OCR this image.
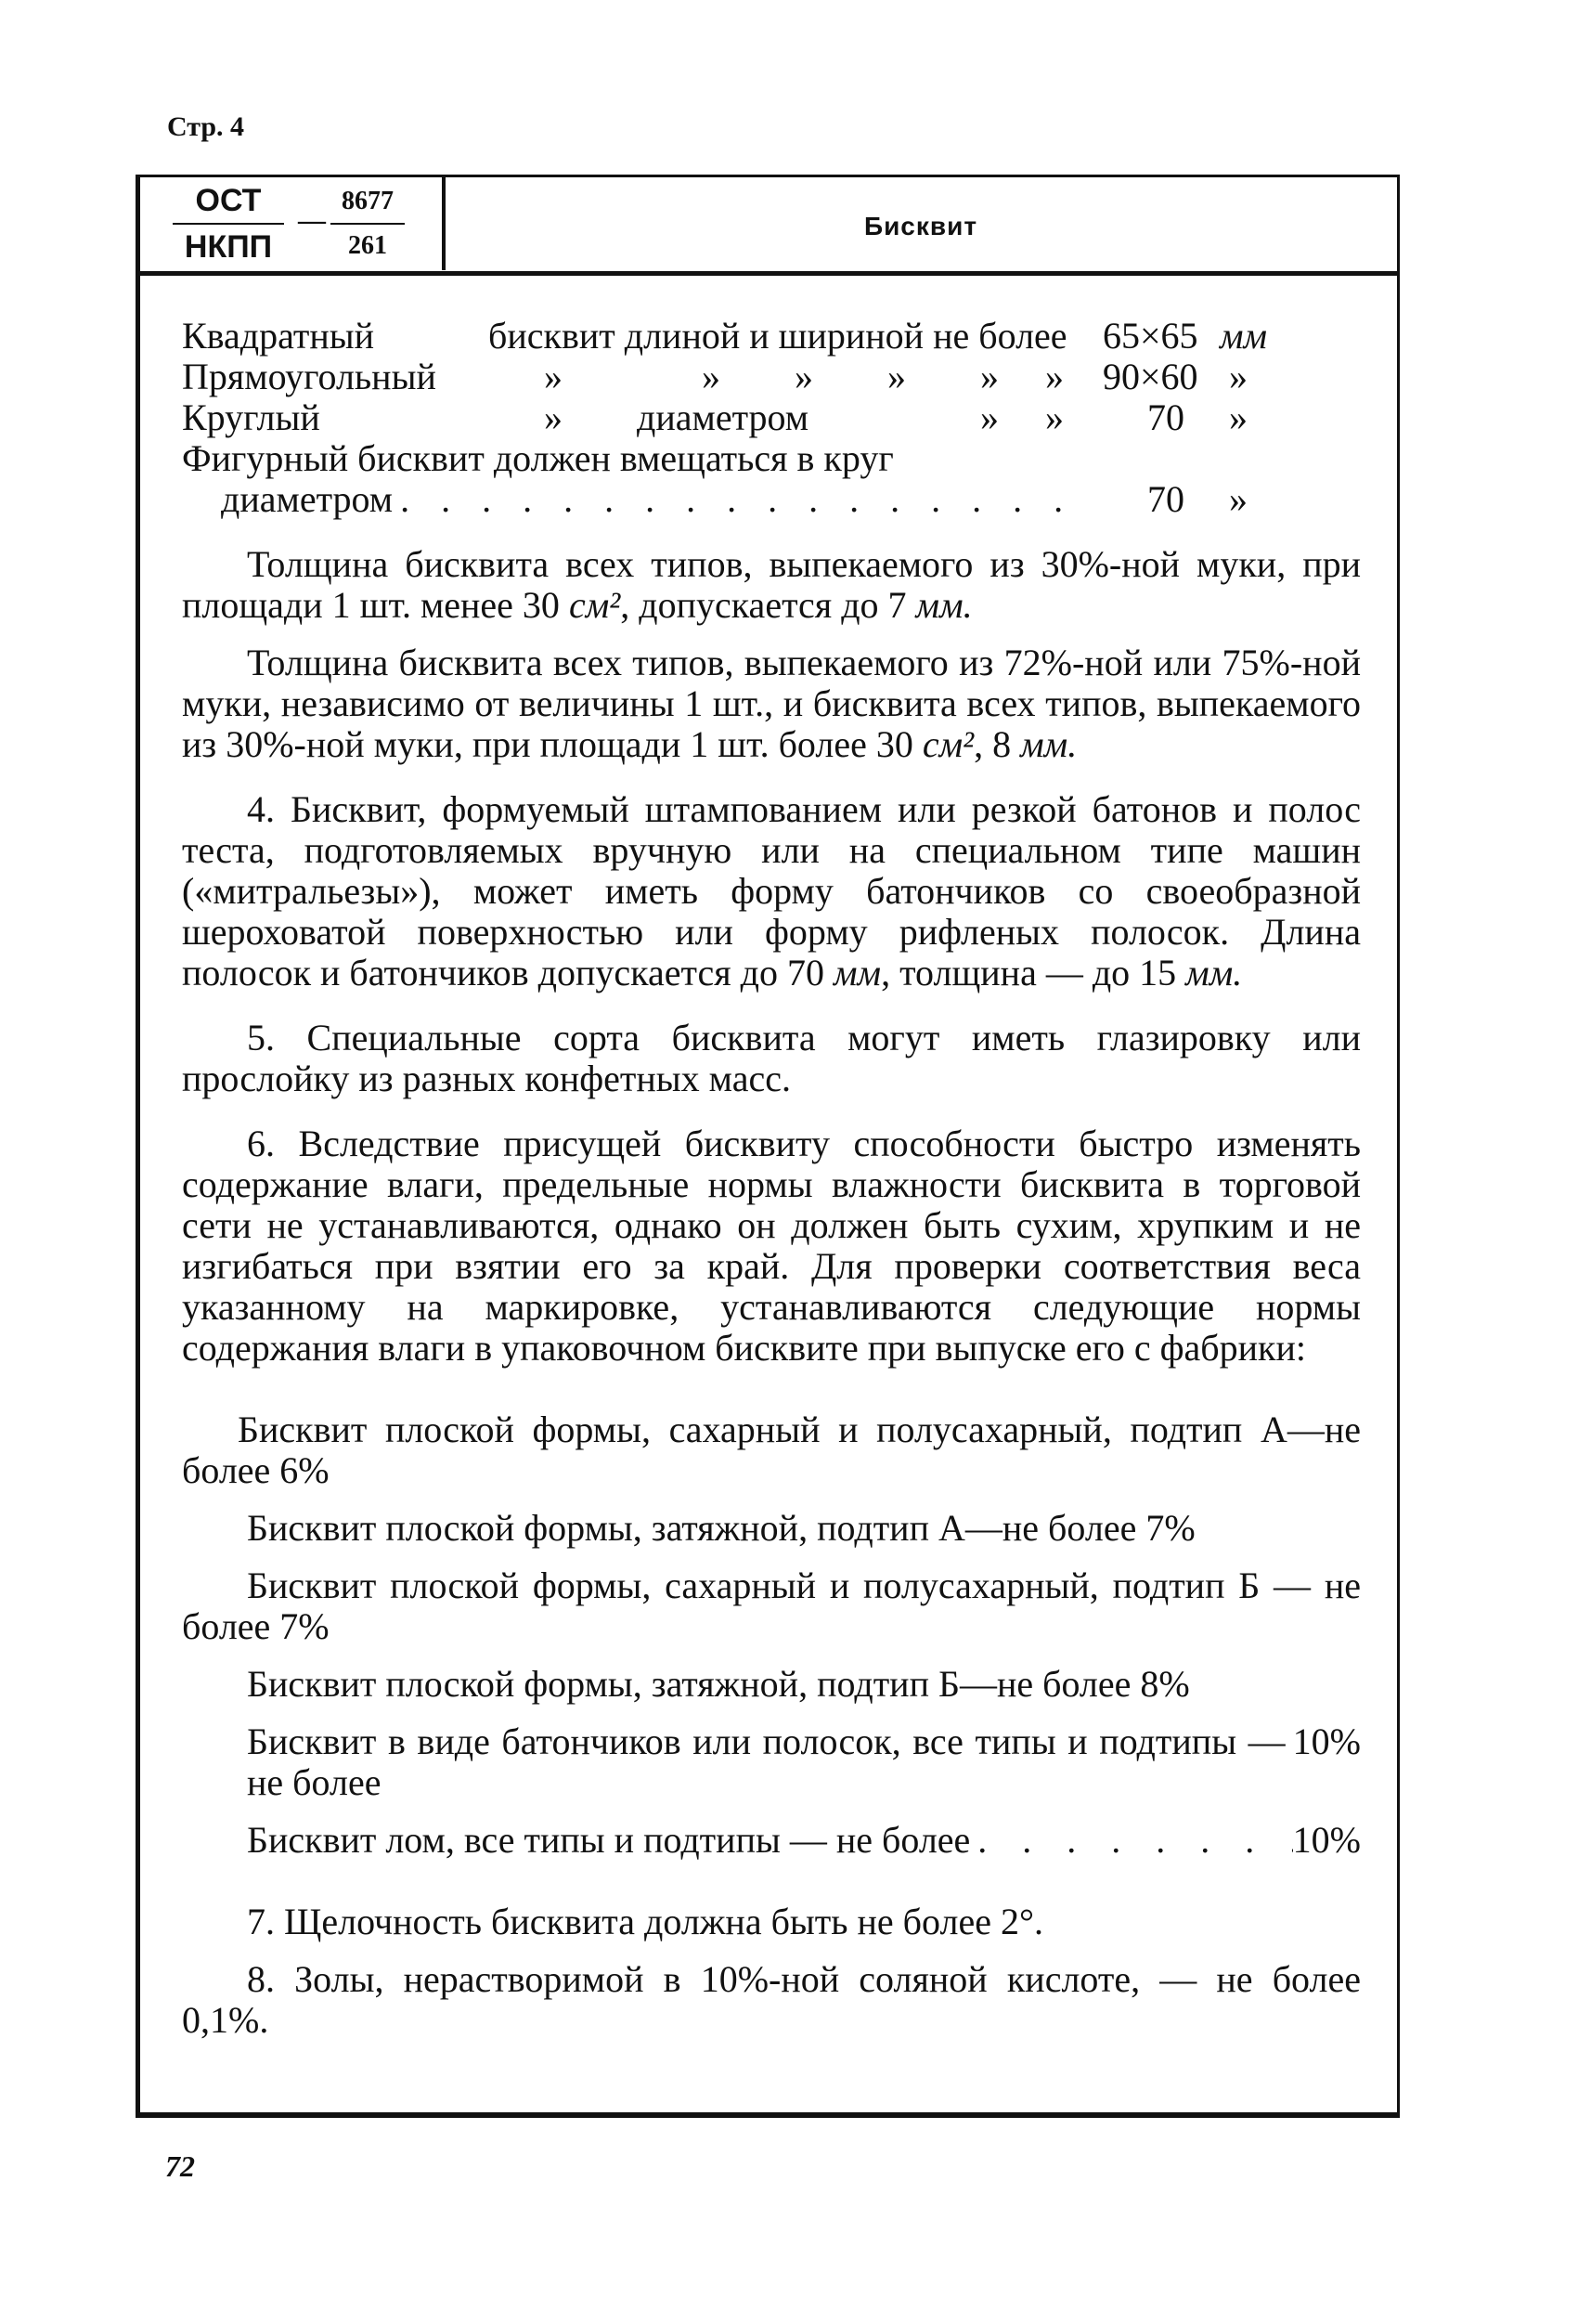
Стр. 4
ОСТ
НКПП
—
8677
261
Бисквит
Квадратный	бисквит длиной и шириной не более 65×65 мм
Прямоугольный	»	» » » » » 90×60 »
Круглый	» диаметром	» » 70 »
Фигурный бисквит должен вмещаться в круг
диаметром . . .	70 »

Толщина бисквита всех типов, выпекаемого из 30%-ной муки, при площади 1 шт. менее 30 см², допускается до 7 мм.

Толщина бисквита всех типов, выпекаемого из 72%-ной или 75%-ной муки, независимо от величины 1 шт., и бисквита всех типов, выпекаемого из 30%-ной муки, при площади 1 шт. более 30 см², 8 мм.

4. Бисквит, формуемый штампованием или резкой батонов и полос теста, подготовляемых вручную или на специальном типе машин («митральезы»), может иметь форму батончиков со своеобразной шероховатой поверхностью или форму рифленых полосок. Длина полосок и батончиков допускается до 70 мм, толщина — до 15 мм.

5. Специальные сорта бисквита могут иметь глазировку или прослойку из разных конфетных масс.

6. Вследствие присущей бисквиту способности быстро изменять содержание влаги, предельные нормы влажности бисквита в торговой сети не устанавливаются, однако он должен быть сухим, хрупким и не изгибаться при взятии его за край. Для проверки соответствия веса указанному на маркировке, устанавливаются следующие нормы содержания влаги в упаковочном бисквите при выпуске его с фабрики:

Бисквит плоской формы, сахарный и полусахарный, подтип А—не более 6%

Бисквит плоской формы, затяжной, подтип А—не более 7%

Бисквит плоской формы, сахарный и полусахарный, подтип Б — не более 7%

Бисквит плоской формы, затяжной, подтип Б—не более 8%

Бисквит в виде батончиков или полосок, все типы и подтипы — не более
. . .
10%
Бисквит лом, все типы и подтипы — не более . . .	10%

7. Щелочность бисквита должна быть не более 2°.

8. Золы, нерастворимой в 10%-ной соляной кислоте, — не более 0,1%.

72
